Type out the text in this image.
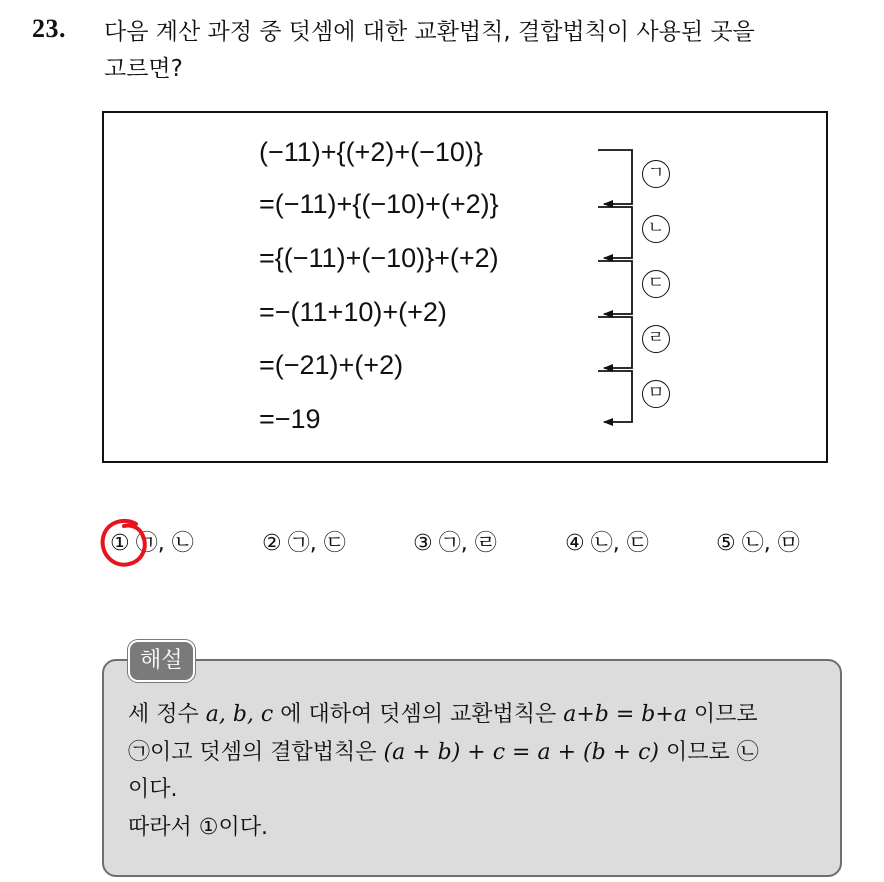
23. 다음 계산 과정 중 덧셈에 대한 교환법칙, 결합법칙이 사용된 곳을
고르면?
(−11)+{(+2)+(−10)}
=(−11)+{(−10)+(+2)}
={(−11)+(−10)}+(+2)
=−(11+10)+(+2)
=(−21)+(+2)
=−19
ㄱ
ㄴ
ㄷ
ㄹ
ㅁ
① ㉠, ㉡	② ㉠, ㉢	③ ㉠, ㉣	④ ㉡, ㉢	⑤ ㉡, ㉤
해설
세 정수 a, b, c 에 대하여 덧셈의 교환법칙은 a+b = b+a 이므로
㉠이고 덧셈의 결합법칙은 (a + b) + c = a + (b + c) 이므로 ㉡
이다.
따라서 ①이다.
